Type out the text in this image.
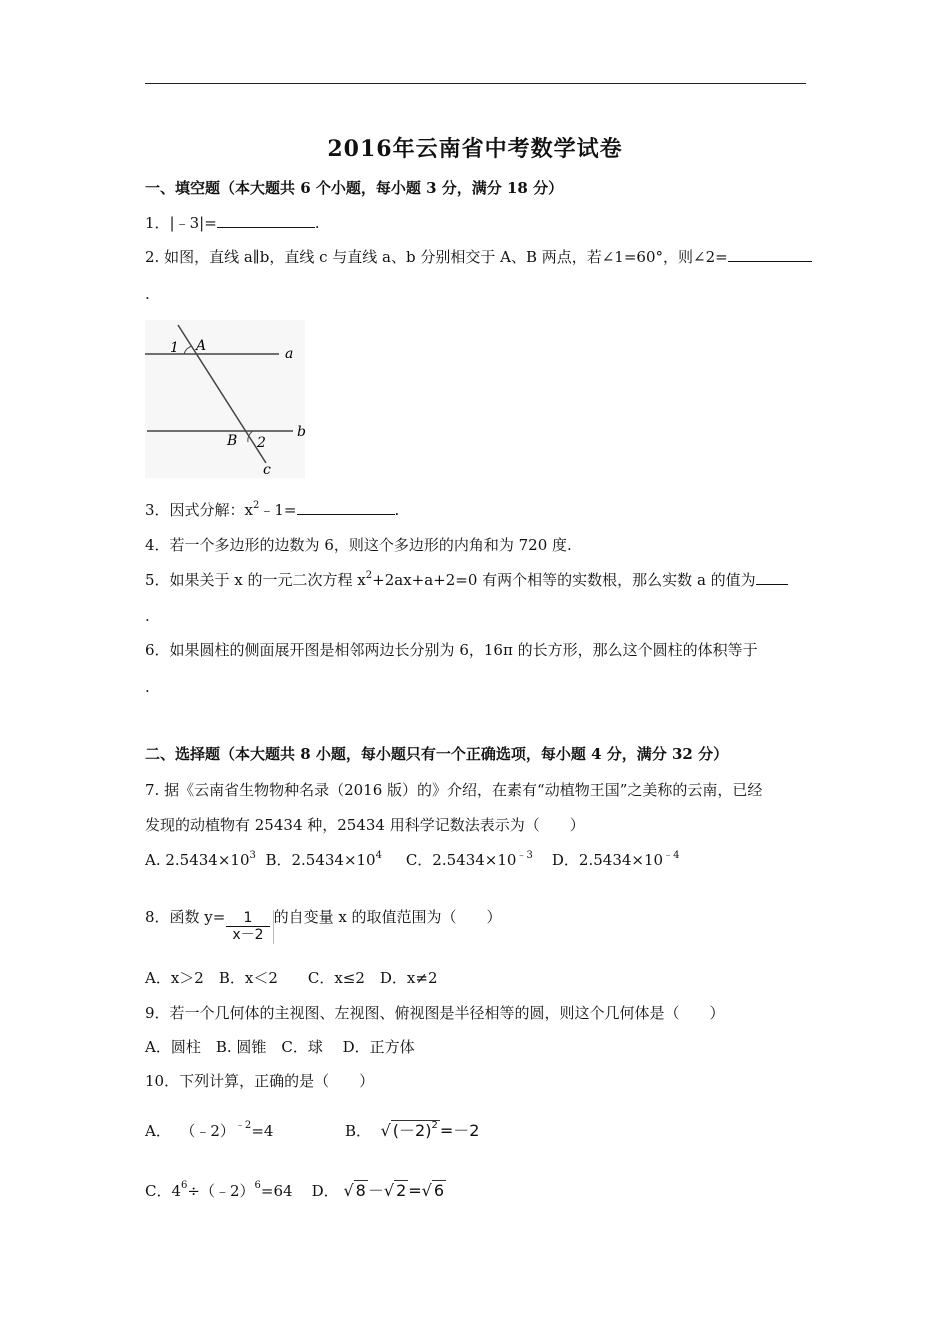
2016年云南省中考数学试卷
一、填空题（本大题共 6 个小题，每小题 3 分，满分 18 分）
1．|﹣3|=	.
2. 如图，直线 a∥b，直线 c 与直线 a、b 分别相交于 A、B 两点，若∠1=60°，则∠2=
.
1 A	a
B 2
b
c
3．因式分解：$x^2﹣1=$	.
4．若一个多边形的边数为 6，则这个多边形的内角和为 720 度.
5．如果关于 x 的一元二次方程 $x^2+2ax+a+2=0$ 有两个相等的实数根，那么实数 a 的值为
.
6．如果圆柱的侧面展开图是相邻两边长分别为 6，16π 的长方形，那么这个圆柱的体积等于
.
二、选择题（本大题共 8 小题，每小题只有一个正确选项，每小题 4 分，满分 32 分）
7. 据《云南省生物物种名录（2016 版）的》介绍，在素有“动植物王国”之美称的云南，已经
发现的动植物有 25434 种，25434 用科学记数法表示为（　　）
A. $2.5434\times 10^3$ B．$2.5434\times 10^4$ C．$2.5434\times 10^{﹣3}$ D．$2.5434\times 10^{﹣4}$
8．函数 $y= \frac{1}{x-2}$ 的自变量 x 的取值范围为（　　）
A．x＞2　B．x＜2　　C．x≤2　D．x≠2
9．若一个几何体的主视图、左视图、俯视图是半径相等的圆，则这个几何体是（　　）
A．圆柱　B. 圆锥　C．球　 D．正方体
10．下列计算，正确的是（　　）
A． （﹣2）$^{﹣2}$=4	B． √ $(-2)^2 =-2$
C．$4^6\div(﹣2)^6=64$ D． √ 8 －√ 2 =√ 6
